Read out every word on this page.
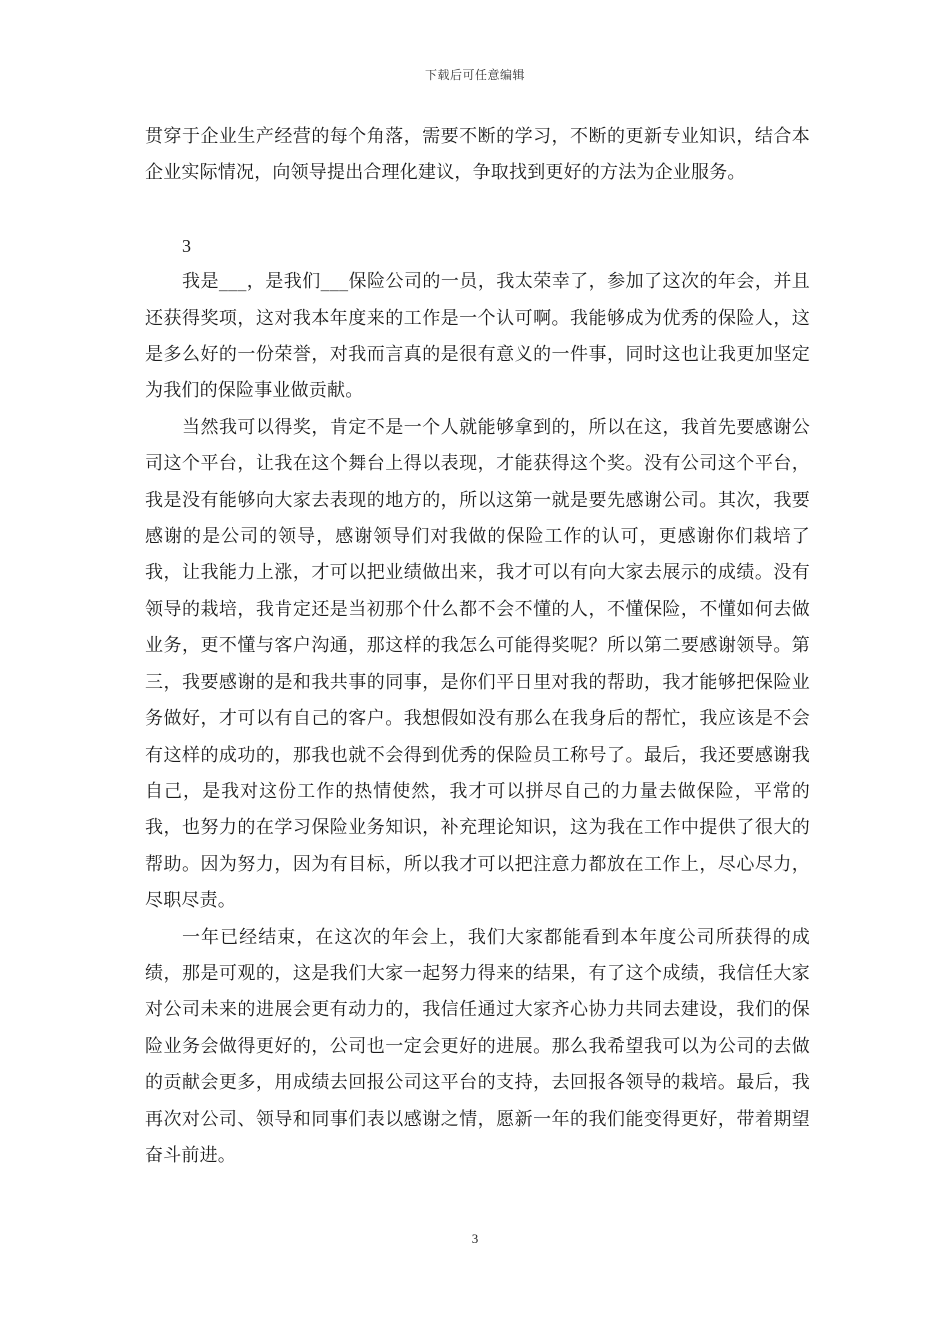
下载后可任意编辑

贯穿于企业生产经营的每个角落，需要不断的学习，不断的更新专业知识，结合本企业实际情况，向领导提出合理化建议，争取找到更好的方法为企业服务。

3

我是___，是我们___保险公司的一员，我太荣幸了，参加了这次的年会，并且还获得奖项，这对我本年度来的工作是一个认可啊。我能够成为优秀的保险人，这是多么好的一份荣誉，对我而言真的是很有意义的一件事，同时这也让我更加坚定为我们的保险事业做贡献。

当然我可以得奖，肯定不是一个人就能够拿到的，所以在这，我首先要感谢公司这个平台，让我在这个舞台上得以表现，才能获得这个奖。没有公司这个平台，我是没有能够向大家去表现的地方的，所以这第一就是要先感谢公司。其次，我要感谢的是公司的领导，感谢领导们对我做的保险工作的认可，更感谢你们栽培了我，让我能力上涨，才可以把业绩做出来，我才可以有向大家去展示的成绩。没有领导的栽培，我肯定还是当初那个什么都不会不懂的人，不懂保险，不懂如何去做业务，更不懂与客户沟通，那这样的我怎么可能得奖呢？所以第二要感谢领导。第三，我要感谢的是和我共事的同事，是你们平日里对我的帮助，我才能够把保险业务做好，才可以有自己的客户。我想假如没有那么在我身后的帮忙，我应该是不会有这样的成功的，那我也就不会得到优秀的保险员工称号了。最后，我还要感谢我自己，是我对这份工作的热情使然，我才可以拼尽自己的力量去做保险，平常的我，也努力的在学习保险业务知识，补充理论知识，这为我在工作中提供了很大的帮助。因为努力，因为有目标，所以我才可以把注意力都放在工作上，尽心尽力，尽职尽责。

一年已经结束，在这次的年会上，我们大家都能看到本年度公司所获得的成绩，那是可观的，这是我们大家一起努力得来的结果，有了这个成绩，我信任大家对公司未来的进展会更有动力的，我信任通过大家齐心协力共同去建设，我们的保险业务会做得更好的，公司也一定会更好的进展。那么我希望我可以为公司的去做的贡献会更多，用成绩去回报公司这平台的支持，去回报各领导的栽培。最后，我再次对公司、领导和同事们表以感谢之情，愿新一年的我们能变得更好，带着期望奋斗前进。

3
